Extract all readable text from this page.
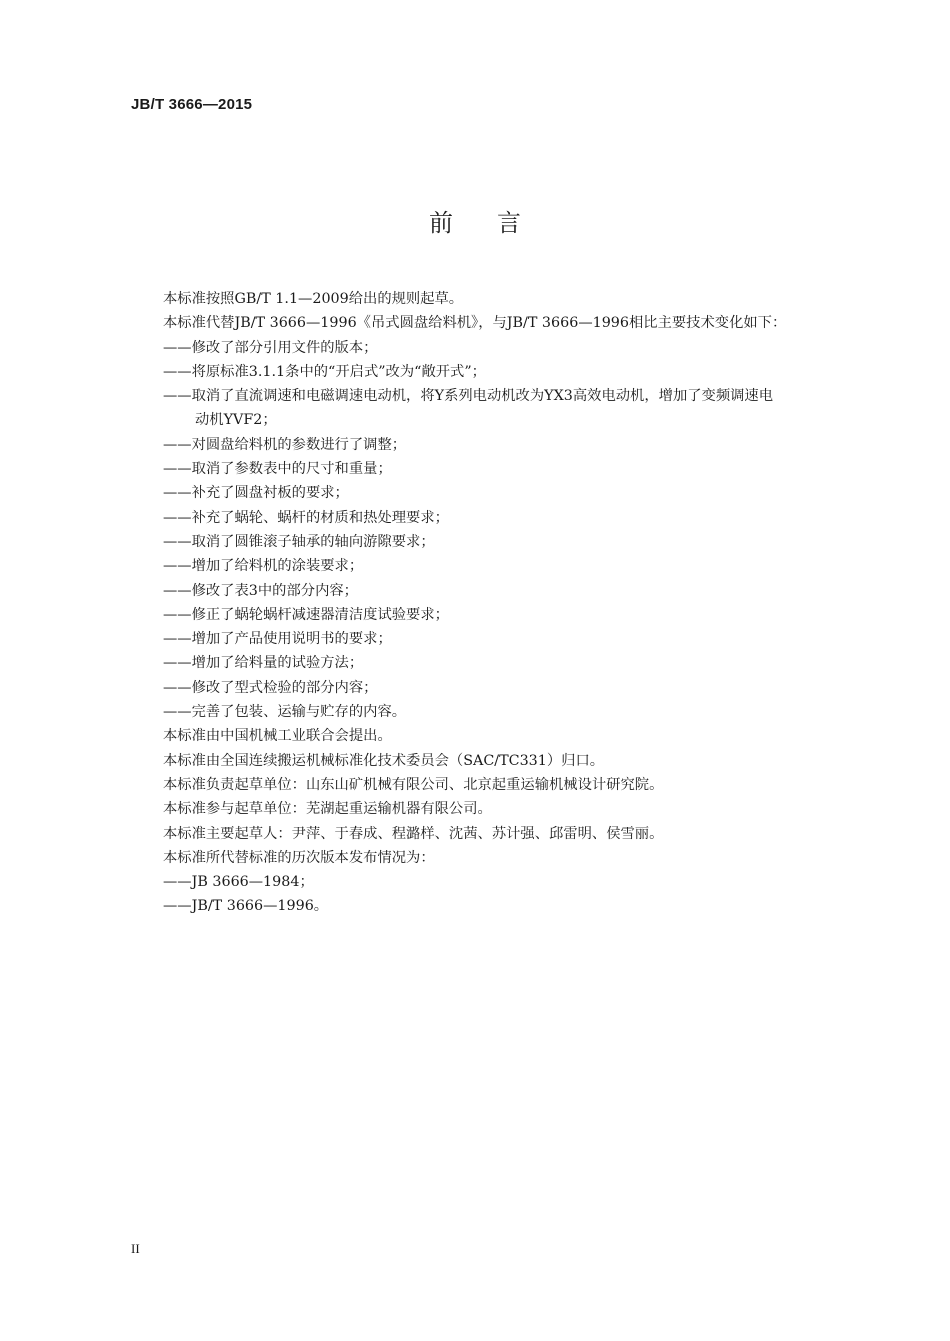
JB/T 3666—2015
前言
本标准按照GB/T 1.1—2009给出的规则起草。
本标准代替JB/T 3666—1996《吊式圆盘给料机》，与JB/T 3666—1996相比主要技术变化如下：
——修改了部分引用文件的版本；
——将原标准3.1.1条中的“开启式”改为“敞开式”；
——取消了直流调速和电磁调速电动机，将Y系列电动机改为YX3高效电动机，增加了变频调速电
动机YVF2；
——对圆盘给料机的参数进行了调整；
——取消了参数表中的尺寸和重量；
——补充了圆盘衬板的要求；
——补充了蜗轮、蜗杆的材质和热处理要求；
——取消了圆锥滚子轴承的轴向游隙要求；
——增加了给料机的涂装要求；
——修改了表3中的部分内容；
——修正了蜗轮蜗杆减速器清洁度试验要求；
——增加了产品使用说明书的要求；
——增加了给料量的试验方法；
——修改了型式检验的部分内容；
——完善了包装、运输与贮存的内容。
本标准由中国机械工业联合会提出。
本标准由全国连续搬运机械标准化技术委员会（SAC/TC331）归口。
本标准负责起草单位：山东山矿机械有限公司、北京起重运输机械设计研究院。
本标准参与起草单位：芜湖起重运输机器有限公司。
本标准主要起草人：尹萍、于春成、程潞样、沈茜、苏计强、邱雷明、侯雪丽。
本标准所代替标准的历次版本发布情况为：
——JB 3666—1984；
——JB/T 3666—1996。
II
